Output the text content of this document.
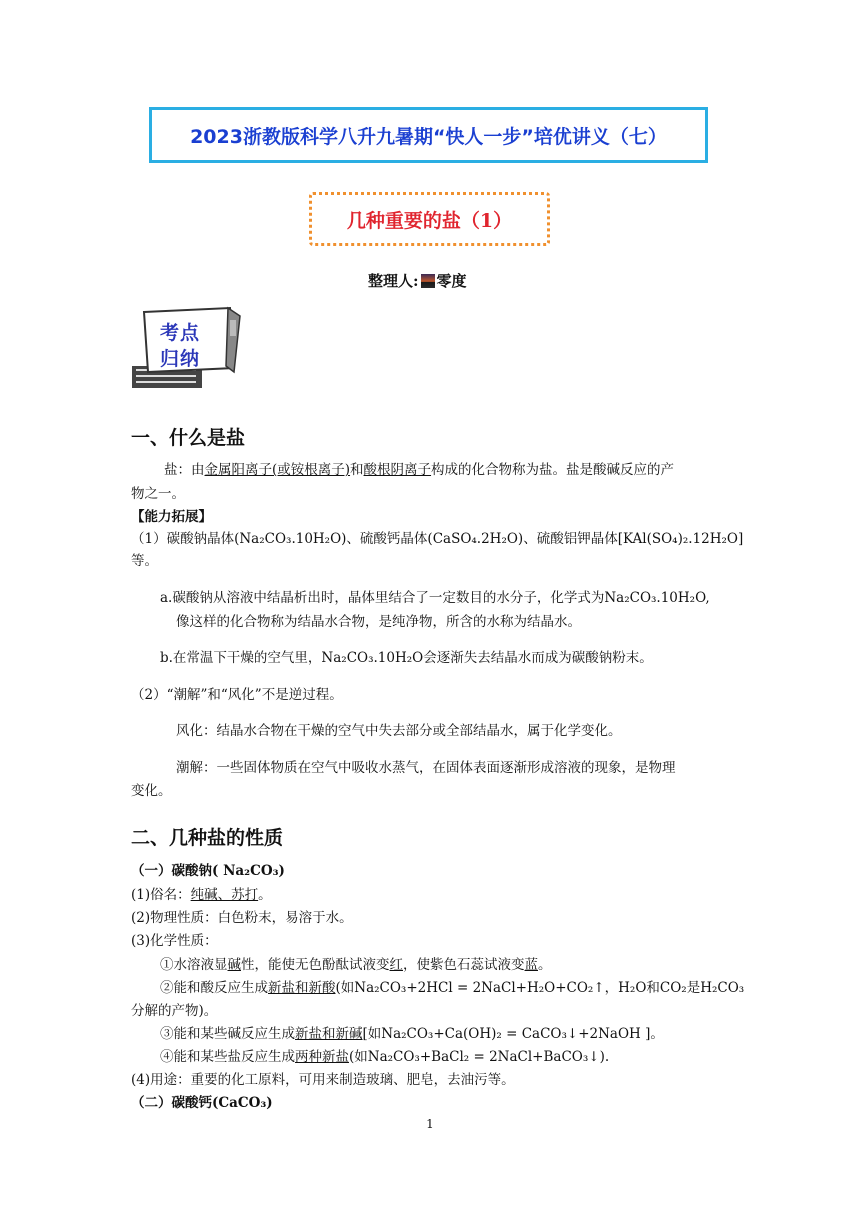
2023浙教版科学八升九暑期“快人一步”培优讲义（七）
几种重要的盐（1）
整理人: 零度
考点
归纳
一、什么是盐
盐：由金属阳离子(或铵根离子)和酸根阴离子构成的化合物称为盐。盐是酸碱反应的产
物之一。
【能力拓展】
（1）碳酸钠晶体(Na₂CO₃.10H₂O)、硫酸钙晶体(CaSO₄.2H₂O)、硫酸铝钾晶体[KAl(SO₄)₂.12H₂O]
等。
a.碳酸钠从溶液中结晶析出时，晶体里结合了一定数目的水分子，化学式为Na₂CO₃.10H₂O,
像这样的化合物称为结晶水合物，是纯净物，所含的水称为结晶水。
b.在常温下干燥的空气里，Na₂CO₃.10H₂O会逐渐失去结晶水而成为碳酸钠粉末。
（2）“潮解”和“风化”不是逆过程。
风化：结晶水合物在干燥的空气中失去部分或全部结晶水，属于化学变化。
潮解：一些固体物质在空气中吸收水蒸气，在固体表面逐渐形成溶液的现象，是物理
变化。
二、几种盐的性质
（一）碳酸钠( Na₂CO₃)
(1)俗名：纯碱、苏打。
(2)物理性质：白色粉末，易溶于水。
(3)化学性质：
①水溶液显碱性，能使无色酚酞试液变红，使紫色石蕊试液变蓝。
②能和酸反应生成新盐和新酸(如Na₂CO₃+2HCl = 2NaCl+H₂O+CO₂↑，H₂O和CO₂是H₂CO₃
分解的产物)。
③能和某些碱反应生成新盐和新碱[如Na₂CO₃+Ca(OH)₂ = CaCO₃↓+2NaOH ]。
④能和某些盐反应生成两种新盐(如Na₂CO₃+BaCl₂ = 2NaCl+BaCO₃↓).
(4)用途：重要的化工原料，可用来制造玻璃、肥皂，去油污等。
（二）碳酸钙(CaCO₃)
1
